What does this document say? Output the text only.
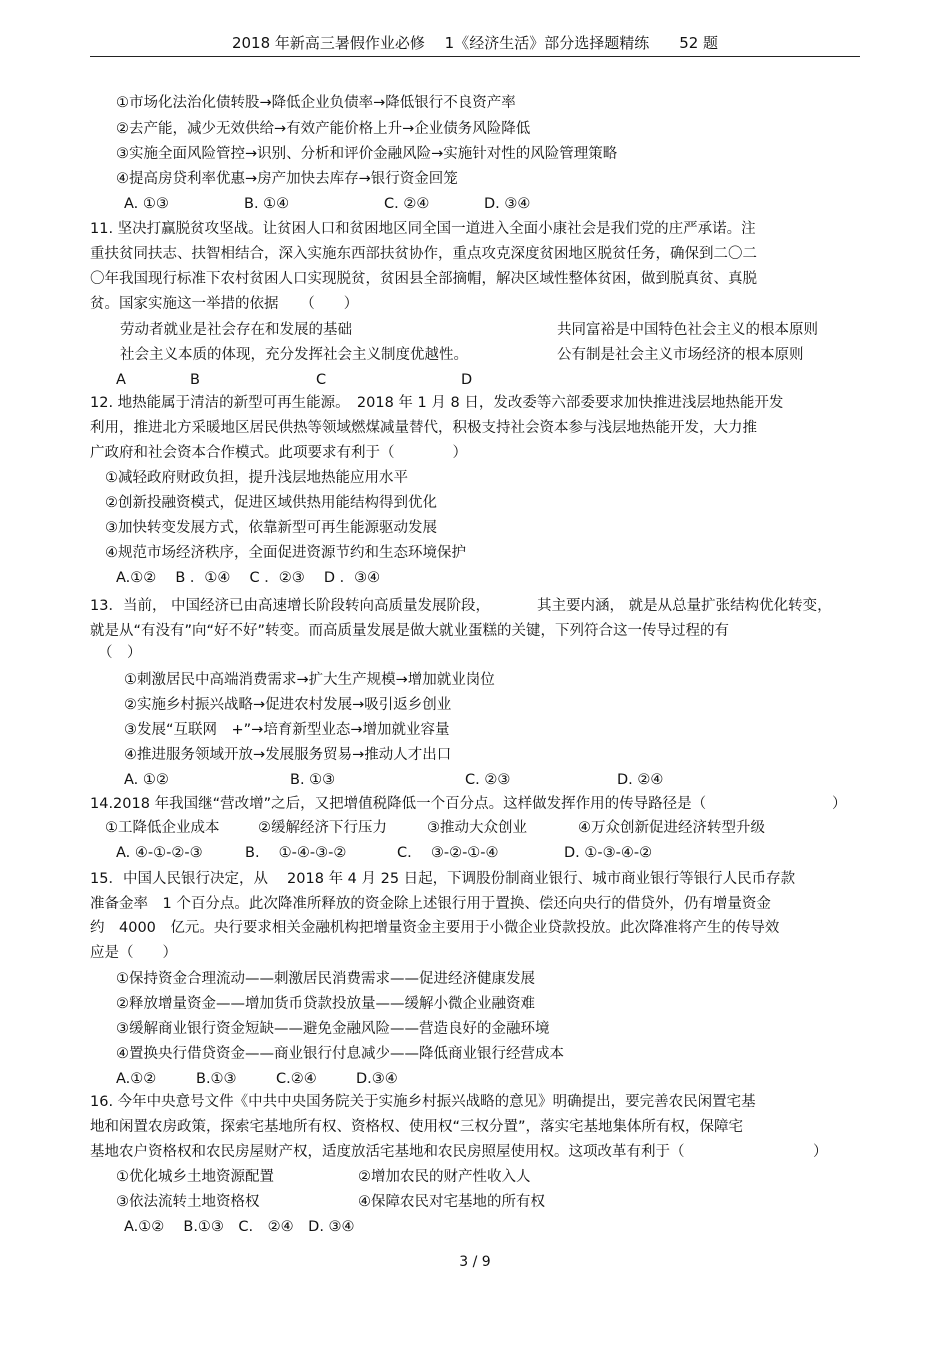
2018 年新高三暑假作业必修　 1《经济生活》部分选择题精练　　52 题
①市场化法治化债转股→降低企业负债率→降低银行不良资产率
②去产能，减少无效供给→有效产能价格上升→企业债务风险降低
③实施全面风险管控→识别、分析和评价金融风险→实施针对性的风险管理策略
④提高房贷利率优惠→房产加快去库存→银行资金回笼
A. ①③	B. ①④	C. ②④	D. ③④
11. 坚决打赢脱贫攻坚战。让贫困人口和贫困地区同全国一道进入全面小康社会是我们党的庄严承诺。注
重扶贫同扶志、扶智相结合，深入实施东西部扶贫协作，重点攻克深度贫困地区脱贫任务，确保到二〇二
〇年我国现行标准下农村贫困人口实现脱贫，贫困县全部摘帽，解决区域性整体贫困，做到脱真贫、真脱
贫。国家实施这一举措的依据　　（　　）
劳动者就业是社会存在和发展的基础	共同富裕是中国特色社会主义的根本原则
社会主义本质的体现，充分发挥社会主义制度优越性。	公有制是社会主义市场经济的根本原则
A	B	C	D
12. 地热能属于清洁的新型可再生能源。　2018 年 1 月 8 日，发改委等六部委要求加快推进浅层地热能开发
利用，推进北方采暖地区居民供热等领域燃煤减量替代，积极支持社会资本参与浅层地热能开发，大力推
广政府和社会资本合作模式。此项要求有利于（　　　　）
①减轻政府财政负担，提升浅层地热能应用水平
②创新投融资模式，促进区域供热用能结构得到优化
③加快转变发展方式，依靠新型可再生能源驱动发展
④规范市场经济秩序，全面促进资源节约和生态环境保护
A.①②　 B ．①④　 C ．②③　 D ．③④
13．当前， 中国经济已由高速增长阶段转向高质量发展阶段，	其主要内涵， 就是从总量扩张结构优化转变，
就是从“有没有”向“好不好”转变。而高质量发展是做大就业蛋糕的关键，下列符合这一传导过程的有
（　）
①刺激居民中高端消费需求→扩大生产规模→增加就业岗位
②实施乡村振兴战略→促进农村发展→吸引返乡创业
③发展“互联网　+”→培育新型业态→增加就业容量
④推进服务领域开放→发展服务贸易→推动人才出口
A. ①②	B. ①③	C. ②③	D. ②④
14.2018 年我国继“营改增”之后，又把增值税降低一个百分点。这样做发挥作用的传导路径是（	）
①工降低企业成本	②缓解经济下行压力	③推动大众创业	④万众创新促进经济转型升级
A. ④-①-②-③	B.　 ①-④-③-②	C.　 ③-②-①-④	D. ①-③-④-②
15．中国人民银行决定，从　 2018 年 4 月 25 日起，下调股份制商业银行、城市商业银行等银行人民币存款
准备金率　1 个百分点。此次降准所释放的资金除上述银行用于置换、偿还向央行的借贷外，仍有增量资金
约　4000　亿元。央行要求相关金融机构把增量资金主要用于小微企业贷款投放。此次降准将产生的传导效
应是（　　）
①保持资金合理流动——刺激居民消费需求——促进经济健康发展
②释放增量资金——增加货币贷款投放量——缓解小微企业融资难
③缓解商业银行资金短缺——避免金融风险——营造良好的金融环境
④置换央行借贷资金——商业银行付息减少——降低商业银行经营成本
A.①②	B.①③	C.②④	D.③④
16. 今年中央意号文件《中共中央国务院关于实施乡村振兴战略的意见》明确提出，要完善农民闲置宅基
地和闲置农房政策，探索宅基地所有权、资格权、使用权“三权分置”，落实宅基地集体所有权，保障宅
基地农户资格权和农民房屋财产权，适度放活宅基地和农民房照屋使用权。这项改革有利于（	）
①优化城乡土地资源配置	②增加农民的财产性收入人
③依法流转土地资格权	④保障农民对宅基地的所有权
A.①②　 B.①③　C.　②④　D. ③④
3 / 9
